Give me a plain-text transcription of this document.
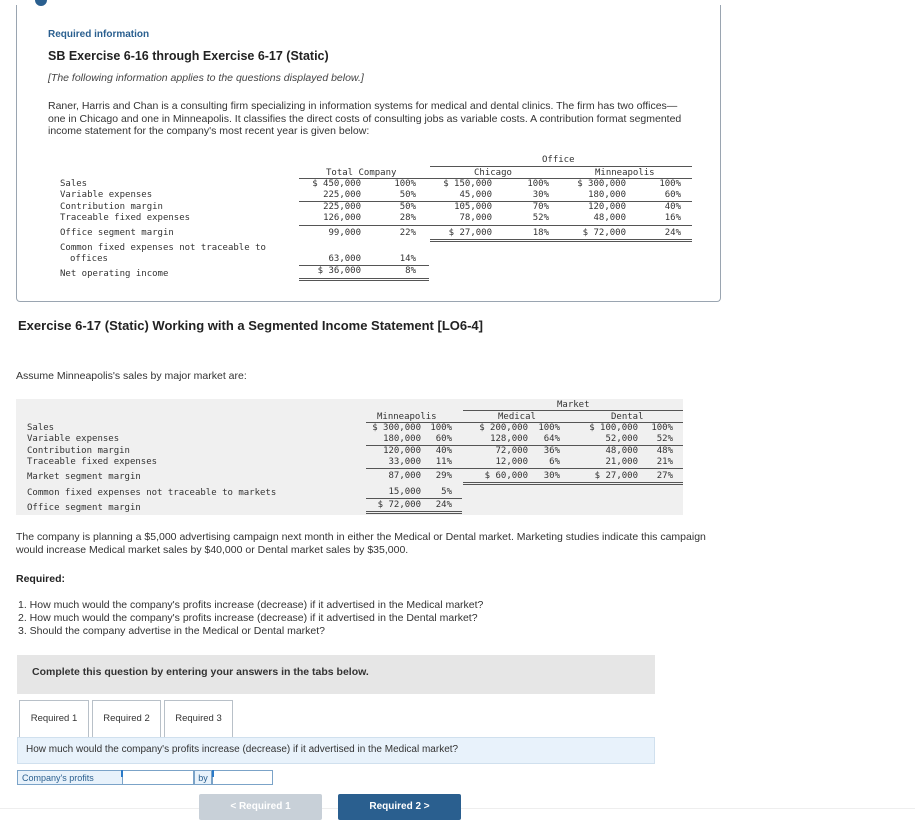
Required information
SB Exercise 6-16 through Exercise 6-17 (Static)
[The following information applies to the questions displayed below.]
Raner, Harris and Chan is a consulting firm specializing in information systems for medical and dental clinics. The firm has two offices—one in Chicago and one in Minneapolis. It classifies the direct costs of consulting jobs as variable costs. A contribution format segmented income statement for the company's most recent year is given below:
Office
Total Company	Chicago	Minneapolis
Sales	$ 450,000	100%	$ 150,000	100%	$ 300,000	100%
Variable expenses	225,000	50%	45,000	30%	180,000	60%
Contribution margin	225,000	50%	105,000	70%	120,000	40%
Traceable fixed expenses	126,000	28%	78,000	52%	48,000	16%
Office segment margin	99,000	22%	$ 27,000	18%	$ 72,000	24%
Common fixed expenses not traceable to
offices	63,000	14%
Net operating income	$ 36,000	8%
Exercise 6-17 (Static) Working with a Segmented Income Statement [LO6-4]
Assume Minneapolis's sales by major market are:
Market
Minneapolis	Medical	Dental
Sales	$ 300,000	100%	$ 200,000	100%	$ 100,000	100%
Variable expenses	180,000	60%	128,000	64%	52,000	52%
Contribution margin	120,000	40%	72,000	36%	48,000	48%
Traceable fixed expenses	33,000	11%	12,000	6%	21,000	21%
Market segment margin	87,000	29%	$ 60,000	30%	$ 27,000	27%
Common fixed expenses not traceable to markets	15,000	5%
Office segment margin	$ 72,000	24%
The company is planning a $5,000 advertising campaign next month in either the Medical or Dental market. Marketing studies indicate this campaign would increase Medical market sales by $40,000 or Dental market sales by $35,000.
Required:
1. How much would the company's profits increase (decrease) if it advertised in the Medical market?
2. How much would the company's profits increase (decrease) if it advertised in the Dental market?
3. Should the company advertise in the Medical or Dental market?
Complete this question by entering your answers in the tabs below.
Required 1	Required 2	Required 3
How much would the company's profits increase (decrease) if it advertised in the Medical market?
Company's profits	by
< Required 1	Required 2 >
